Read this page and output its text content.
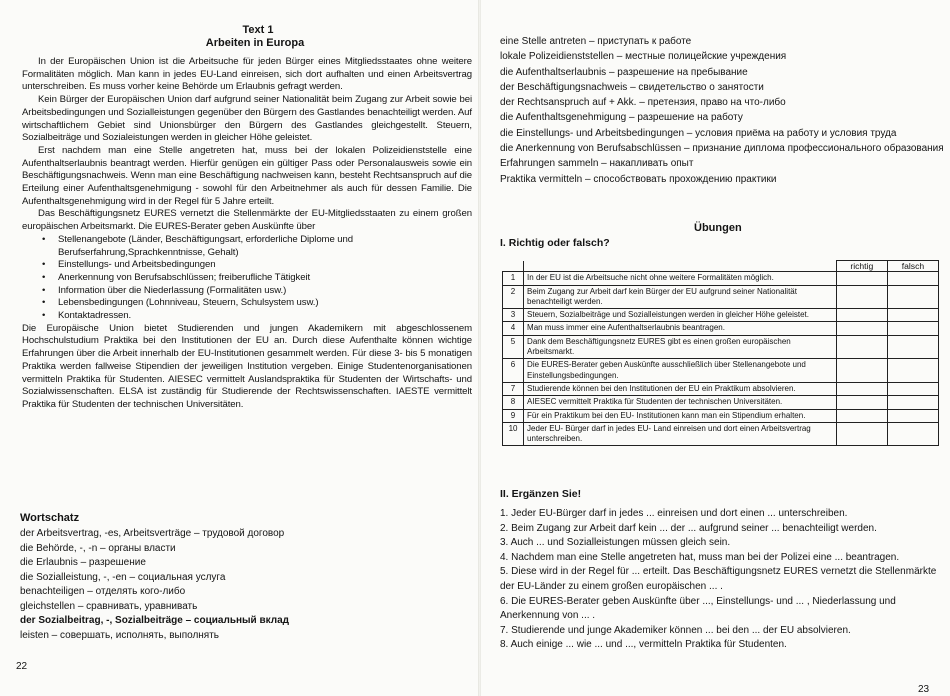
Text 1
Arbeiten in Europa

In der Europäischen Union ist die Arbeitsuche für jeden Bürger eines Mitgliedsstaates ohne weitere Formalitäten möglich. Man kann in jedes EU-Land einreisen, sich dort aufhalten und einen Arbeitsvertrag unterschreiben. Es muss vorher keine Behörde um Erlaubnis gefragt werden.

Kein Bürger der Europäischen Union darf aufgrund seiner Nationalität beim Zugang zur Arbeit sowie bei Arbeitsbedingungen und Sozialleistungen gegenüber den Bürgern des Gastlandes benachteiligt werden. Auf wirtschaftlichem Gebiet sind Unionsbürger den Bürgern des Gastlandes gleichgestellt. Steuern, Sozialbeiträge und Sozialeistungen werden in gleicher Höhe geleistet.

Erst nachdem man eine Stelle angetreten hat, muss bei der lokalen Polizeidienststelle eine Aufenthaltserlaubnis beantragt werden. Hierfür genügen ein gültiger Pass oder Personalausweis sowie ein Beschäftigungsnachweis. Wenn man eine Beschäftigung nachweisen kann, besteht Rechtsanspruch auf die Erteilung einer Aufenthaltsgenehmigung - sowohl für den Arbeitnehmer als auch für dessen Familie. Die Aufenthaltsgenehmigung wird in der Regel für 5 Jahre erteilt.

Das Beschäftigungsnetz EURES vernetzt die Stellenmärkte der EU-Mitgliedsstaaten zu einem großen europäischen Arbeitsmarkt. Die EURES-Berater geben Auskünfte über

• Stellenangebote (Länder, Beschäftigungsart, erforderliche Diplome und Berufserfahrung,Sprachkenntnisse, Gehalt)
• Einstellungs- und Arbeitsbedingungen
• Anerkennung von Berufsabschlüssen; freiberufliche Tätigkeit
• Information über die Niederlassung (Formalitäten usw.)
• Lebensbedingungen (Lohnniveau, Steuern, Schulsystem usw.)
• Kontaktadressen.

Die Europäische Union bietet Studierenden und jungen Akademikern mit abgeschlossenem Hochschulstudium Praktika bei den Institutionen der EU an. Durch diese Aufenthalte können wichtige Erfahrungen über die Arbeit innerhalb der EU-Institutionen gesammelt werden. Für diese 3- bis 5 monatigen Praktika werden fallweise Stipendien der jeweiligen Institution vergeben. Einige Studentenorganisationen vermitteln Praktika für Studenten. AIESEC vermittelt Auslandspraktika für Studenten der Wirtschafts- und Sozialwissenschaften. ELSA ist zuständig für Studierende der Rechtswissenschaften. IAESTE vermittelt Praktika für Studenten der technischen Universitäten.

Wortschatz
der Arbeitsvertrag, -es, Arbeitsverträge – трудовой договор
die Behörde, -, -n – органы власти
die Erlaubnis – разрешение
die Sozialleistung, -, -en – социальная услуга
benachteiligen – отделять кого-либо
gleichstellen – сравнивать, уравнивать
der Sozialbeitrag, -, Sozialbeiträge – социальный вклад
leisten – совершать, исполнять, выполнять
22
eine Stelle antreten – приступать к работе
lokale Polizeidienststellen – местные полицейские учреждения
die Aufenthaltserlaubnis – разрешение на пребывание
der Beschäftigungsnachweis – свидетельство о занятости
der Rechtsanspruch auf + Akk. – претензия, право на что-либо
die Aufenthaltsgenehmigung – разрешение на работу
die Einstellungs- und Arbeitsbedingungen – условия приёма на работу и условия труда
die Anerkennung von Berufsabschlüssen – признание диплома профессионального образования
Erfahrungen sammeln – накапливать опыт
Praktika vermitteln – способствовать прохождению практики
Übungen
I. Richtig oder falsch?
		richtig	falsch
1	In der EU ist die Arbeitsuche nicht ohne weitere Formalitäten möglich.		
2	Beim Zugang zur Arbeit darf kein Bürger der EU aufgrund seiner Nationalität benachteiligt werden.		
3	Steuern, Sozialbeiträge und Sozialleistungen werden in gleicher Höhe geleistet.		
4	Man muss immer eine Aufenthaltserlaubnis beantragen.		
5	Dank dem Beschäftigungsnetz EURES gibt es einen großen europäischen Arbeitsmarkt.		
6	Die EURES-Berater geben Auskünfte ausschließlich über Stellenangebote und Einstellungsbedingungen.		
7	Studierende können bei den Institutionen der EU ein Praktikum absolvieren.		
8	AIESEC vermittelt Praktika für Studenten der technischen Universitäten.		
9	Für ein Praktikum bei den EU- Institutionen kann man ein Stipendium erhalten.		
10	Jeder EU- Bürger darf in jedes EU- Land einreisen und dort einen Arbeitsvertrag unterschreiben.		
II. Ergänzen Sie!
1. Jeder EU-Bürger darf in jedes ... einreisen und dort einen ... unterschreiben.
2. Beim Zugang zur Arbeit darf kein ... der ... aufgrund seiner ... benachteiligt werden.
3. Auch ... und Sozialleistungen müssen gleich sein.
4. Nachdem man eine Stelle angetreten hat, muss man bei der Polizei eine ... beantragen.
5. Diese wird in der Regel für ... erteilt. Das Beschäftigungsnetz EURES vernetzt die Stellenmärkte der EU-Länder zu einem großen europäischen ... .
6. Die EURES-Berater geben Auskünfte über ..., Einstellungs- und ... , Niederlassung und Anerkennung von ... .
7. Studierende und junge Akademiker können ... bei den ... der EU absolvieren.
8. Auch einige ... wie ... und ..., vermitteln Praktika für Studenten.
23
